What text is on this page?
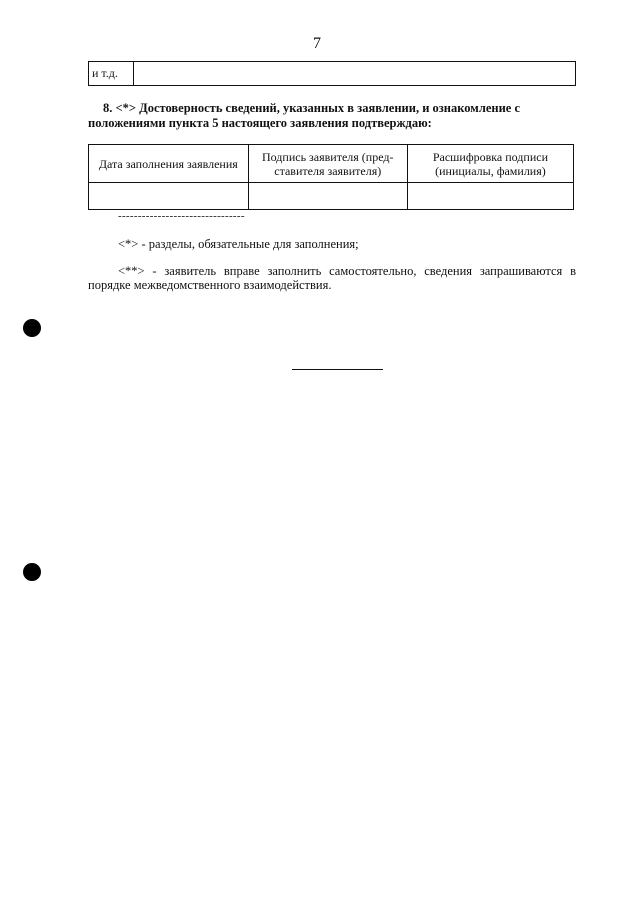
7
и т.д.	
8. <*> Достоверность сведений, указанных в заявлении, и ознакомление с положениями пункта 5 настоящего заявления подтверждаю:
Дата заполнения заявления	Подпись заявителя (пред-ставителя заявителя)	Расшифровка подписи (инициалы, фамилия)

--------------------------------
<*> - разделы, обязательные для заполнения;
<**> - заявитель вправе заполнить самостоятельно, сведения запрашиваются в порядке межведомственного взаимодействия.
